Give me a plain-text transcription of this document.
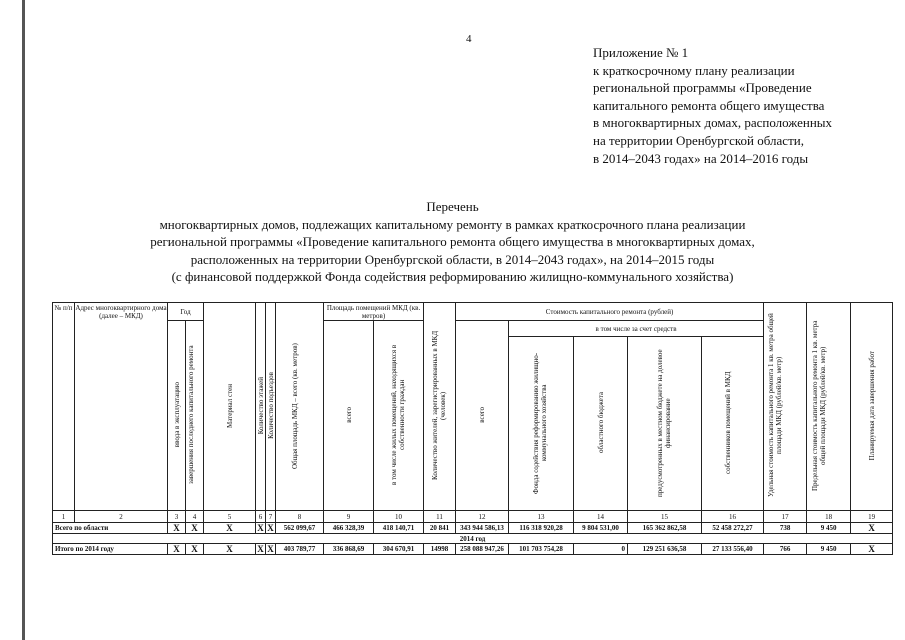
4
Приложение № 1
к краткосрочному плану реализации
региональной программы «Проведение
капитального ремонта общего имущества
в многоквартирных домах, расположенных
на территории Оренбургской области,
в 2014–2043 годах» на 2014–2016 годы
Перечень
многоквартирных домов, подлежащих капитальному ремонту в рамках краткосрочного плана реализации
региональной программы «Проведение капитального ремонта общего имущества в многоквартирных домах,
расположенных на территории Оренбургской области, в 2014–2043 годах», на 2014–2015 годы
(с финансовой поддержкой Фонда содействия реформированию жилищно-коммунального хозяйства)
№ п/п	Адрес многоквартирного дома (далее – МКД)	Год		Материал стен	Количество этажей	Количество подъездов	Общая площадь МКД – всего (кв. метров)	Площадь помещений МКД (кв. метров)		Количество жителей, зарегистрированных в МКД (человек)	Стоимость капитального ремонта (рублей)					Удельная стоимость капитального ремонта 1 кв. метра общей площади МКД (рублей/кв. метр)	Предельная стоимость капитального ремонта 1 кв. метра общей площади МКД (рублей/кв. метр)	Планируемая дата завершения работ
		ввода в эксплуатацию	завершения последнего капитального ремонта					всего	в том числе жилых помещений, находящихся в собственности граждан		всего	в том числе за счет средств						
												Фонда содействия реформированию жилищно-коммунального хозяйства	областного бюджета	предусмотренных в местном бюджете на долевое финансирование	собственников помещений в МКД			
1	2	3	4	5	6	7	8	9	10	11	12	13	14	15	16	17	18	19
Всего по области		X	X	X	X	X	562 099,67	466 328,39	418 140,71	20 841	343 944 586,13	116 318 920,28	9 804 531,00	165 362 862,58	52 458 272,27	738	9 450	X
2014 год																		
Итого по 2014 году		X	X	X	X	X	403 789,77	336 868,69	304 670,91	14998	258 088 947,26	101 703 754,28	0	129 251 636,58	27 133 556,40	766	9 450	X
